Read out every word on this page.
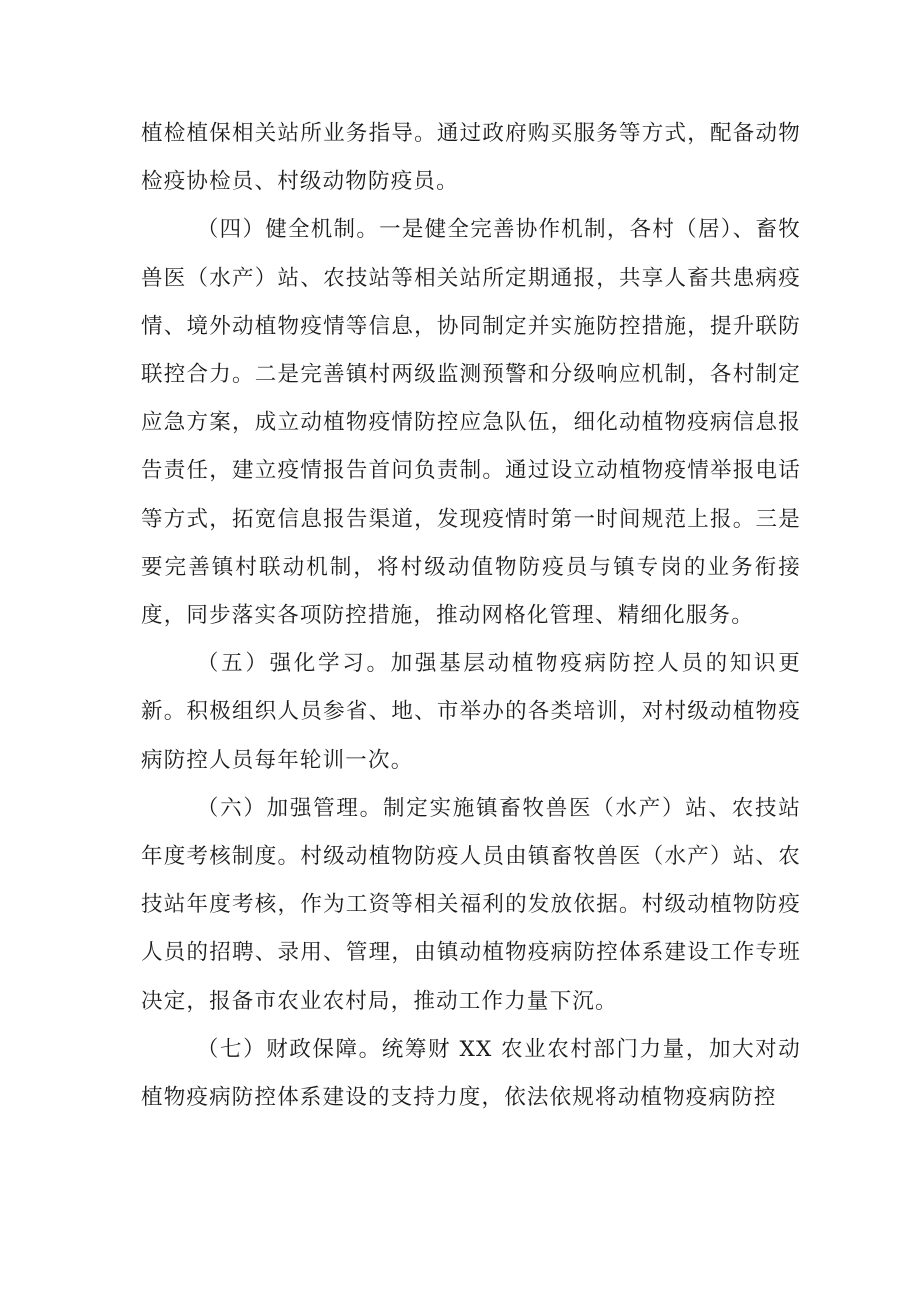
植检植保相关站所业务指导。通过政府购买服务等方式，配备动物检疫协检员、村级动物防疫员。

（四）健全机制。一是健全完善协作机制，各村（居）、畜牧兽医（水产）站、农技站等相关站所定期通报，共享人畜共患病疫情、境外动植物疫情等信息，协同制定并实施防控措施，提升联防联控合力。二是完善镇村两级监测预警和分级响应机制，各村制定应急方案，成立动植物疫情防控应急队伍，细化动植物疫病信息报告责任，建立疫情报告首问负责制。通过设立动植物疫情举报电话等方式，拓宽信息报告渠道，发现疫情时第一时间规范上报。三是要完善镇村联动机制，将村级动值物防疫员与镇专岗的业务衔接度，同步落实各项防控措施，推动网格化管理、精细化服务。

（五）强化学习。加强基层动植物疫病防控人员的知识更新。积极组织人员参省、地、市举办的各类培训，对村级动植物疫病防控人员每年轮训一次。

（六）加强管理。制定实施镇畜牧兽医（水产）站、农技站年度考核制度。村级动植物防疫人员由镇畜牧兽医（水产）站、农技站年度考核，作为工资等相关福利的发放依据。村级动植物防疫人员的招聘、录用、管理，由镇动植物疫病防控体系建设工作专班决定，报备市农业农村局，推动工作力量下沉。

（七）财政保障。统筹财 XX 农业农村部门力量，加大对动植物疫病防控体系建设的支持力度，依法依规将动植物疫病防控
